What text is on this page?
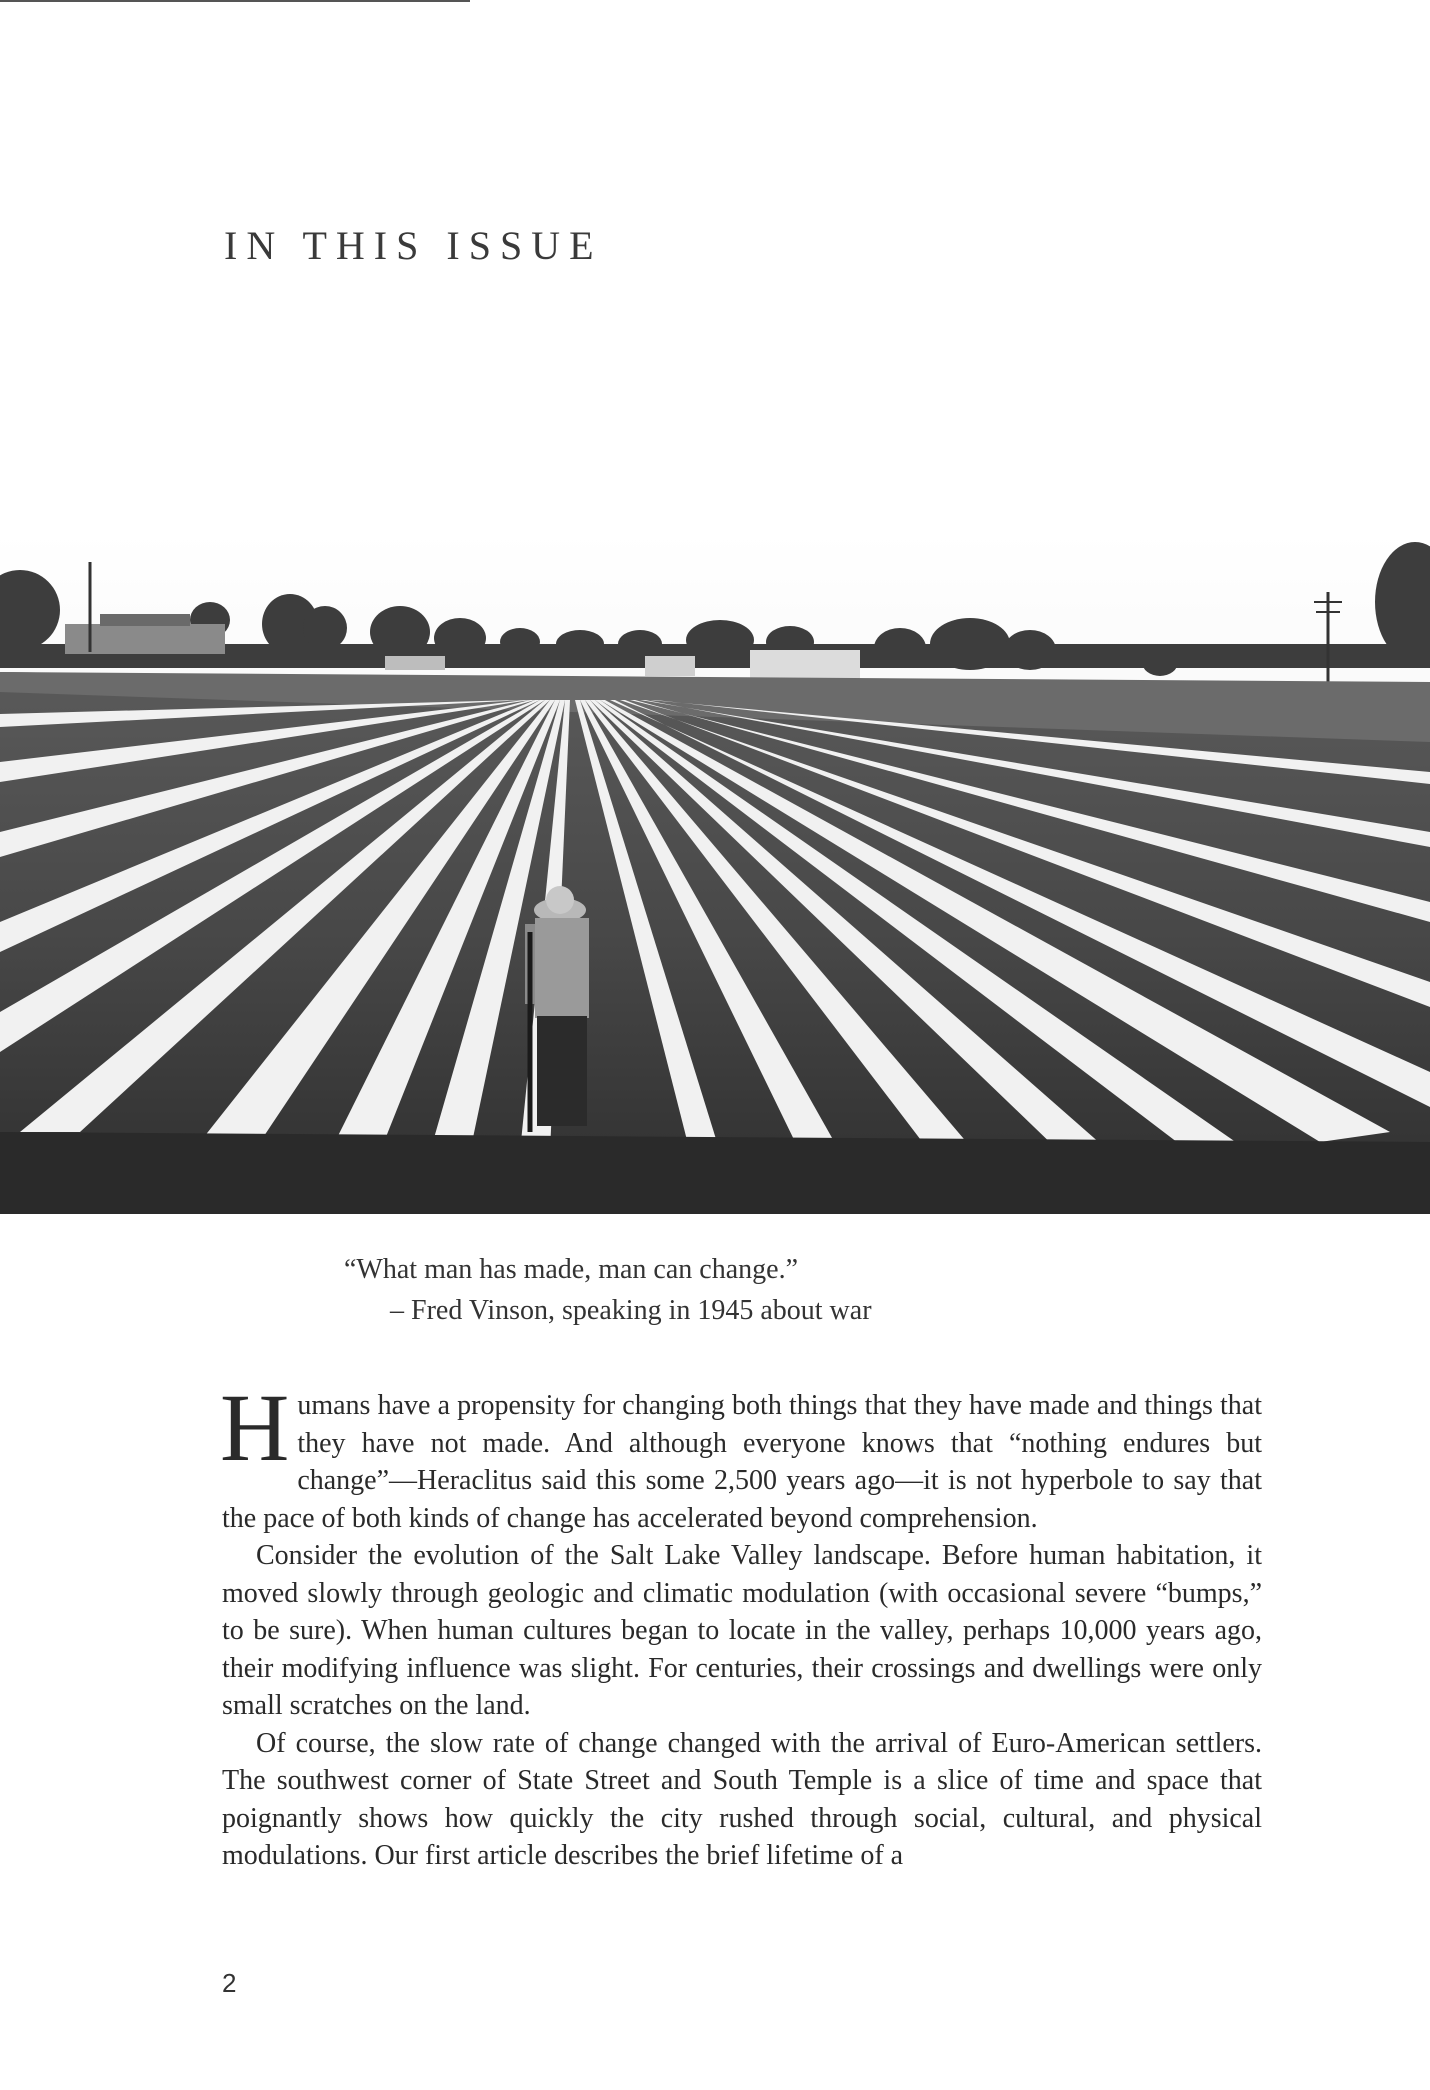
IN THIS ISSUE
“What man has made, man can change.”
– Fred Vinson, speaking in 1945 about war

Humans have a propensity for changing both things that they have made and things that they have not made. And although everyone knows that “nothing endures but change”—Heraclitus said this some 2,500 years ago—it is not hyperbole to say that the pace of both kinds of change has accelerated beyond comprehension.

Consider the evolution of the Salt Lake Valley landscape. Before human habitation, it moved slowly through geologic and climatic modulation (with occasional severe “bumps,” to be sure). When human cultures began to locate in the valley, perhaps 10,000 years ago, their modifying influence was slight. For centuries, their crossings and dwellings were only small scratches on the land.

Of course, the slow rate of change changed with the arrival of Euro-American settlers. The southwest corner of State Street and South Temple is a slice of time and space that poignantly shows how quickly the city rushed through social, cultural, and physical modulations. Our first article describes the brief lifetime of a

2
